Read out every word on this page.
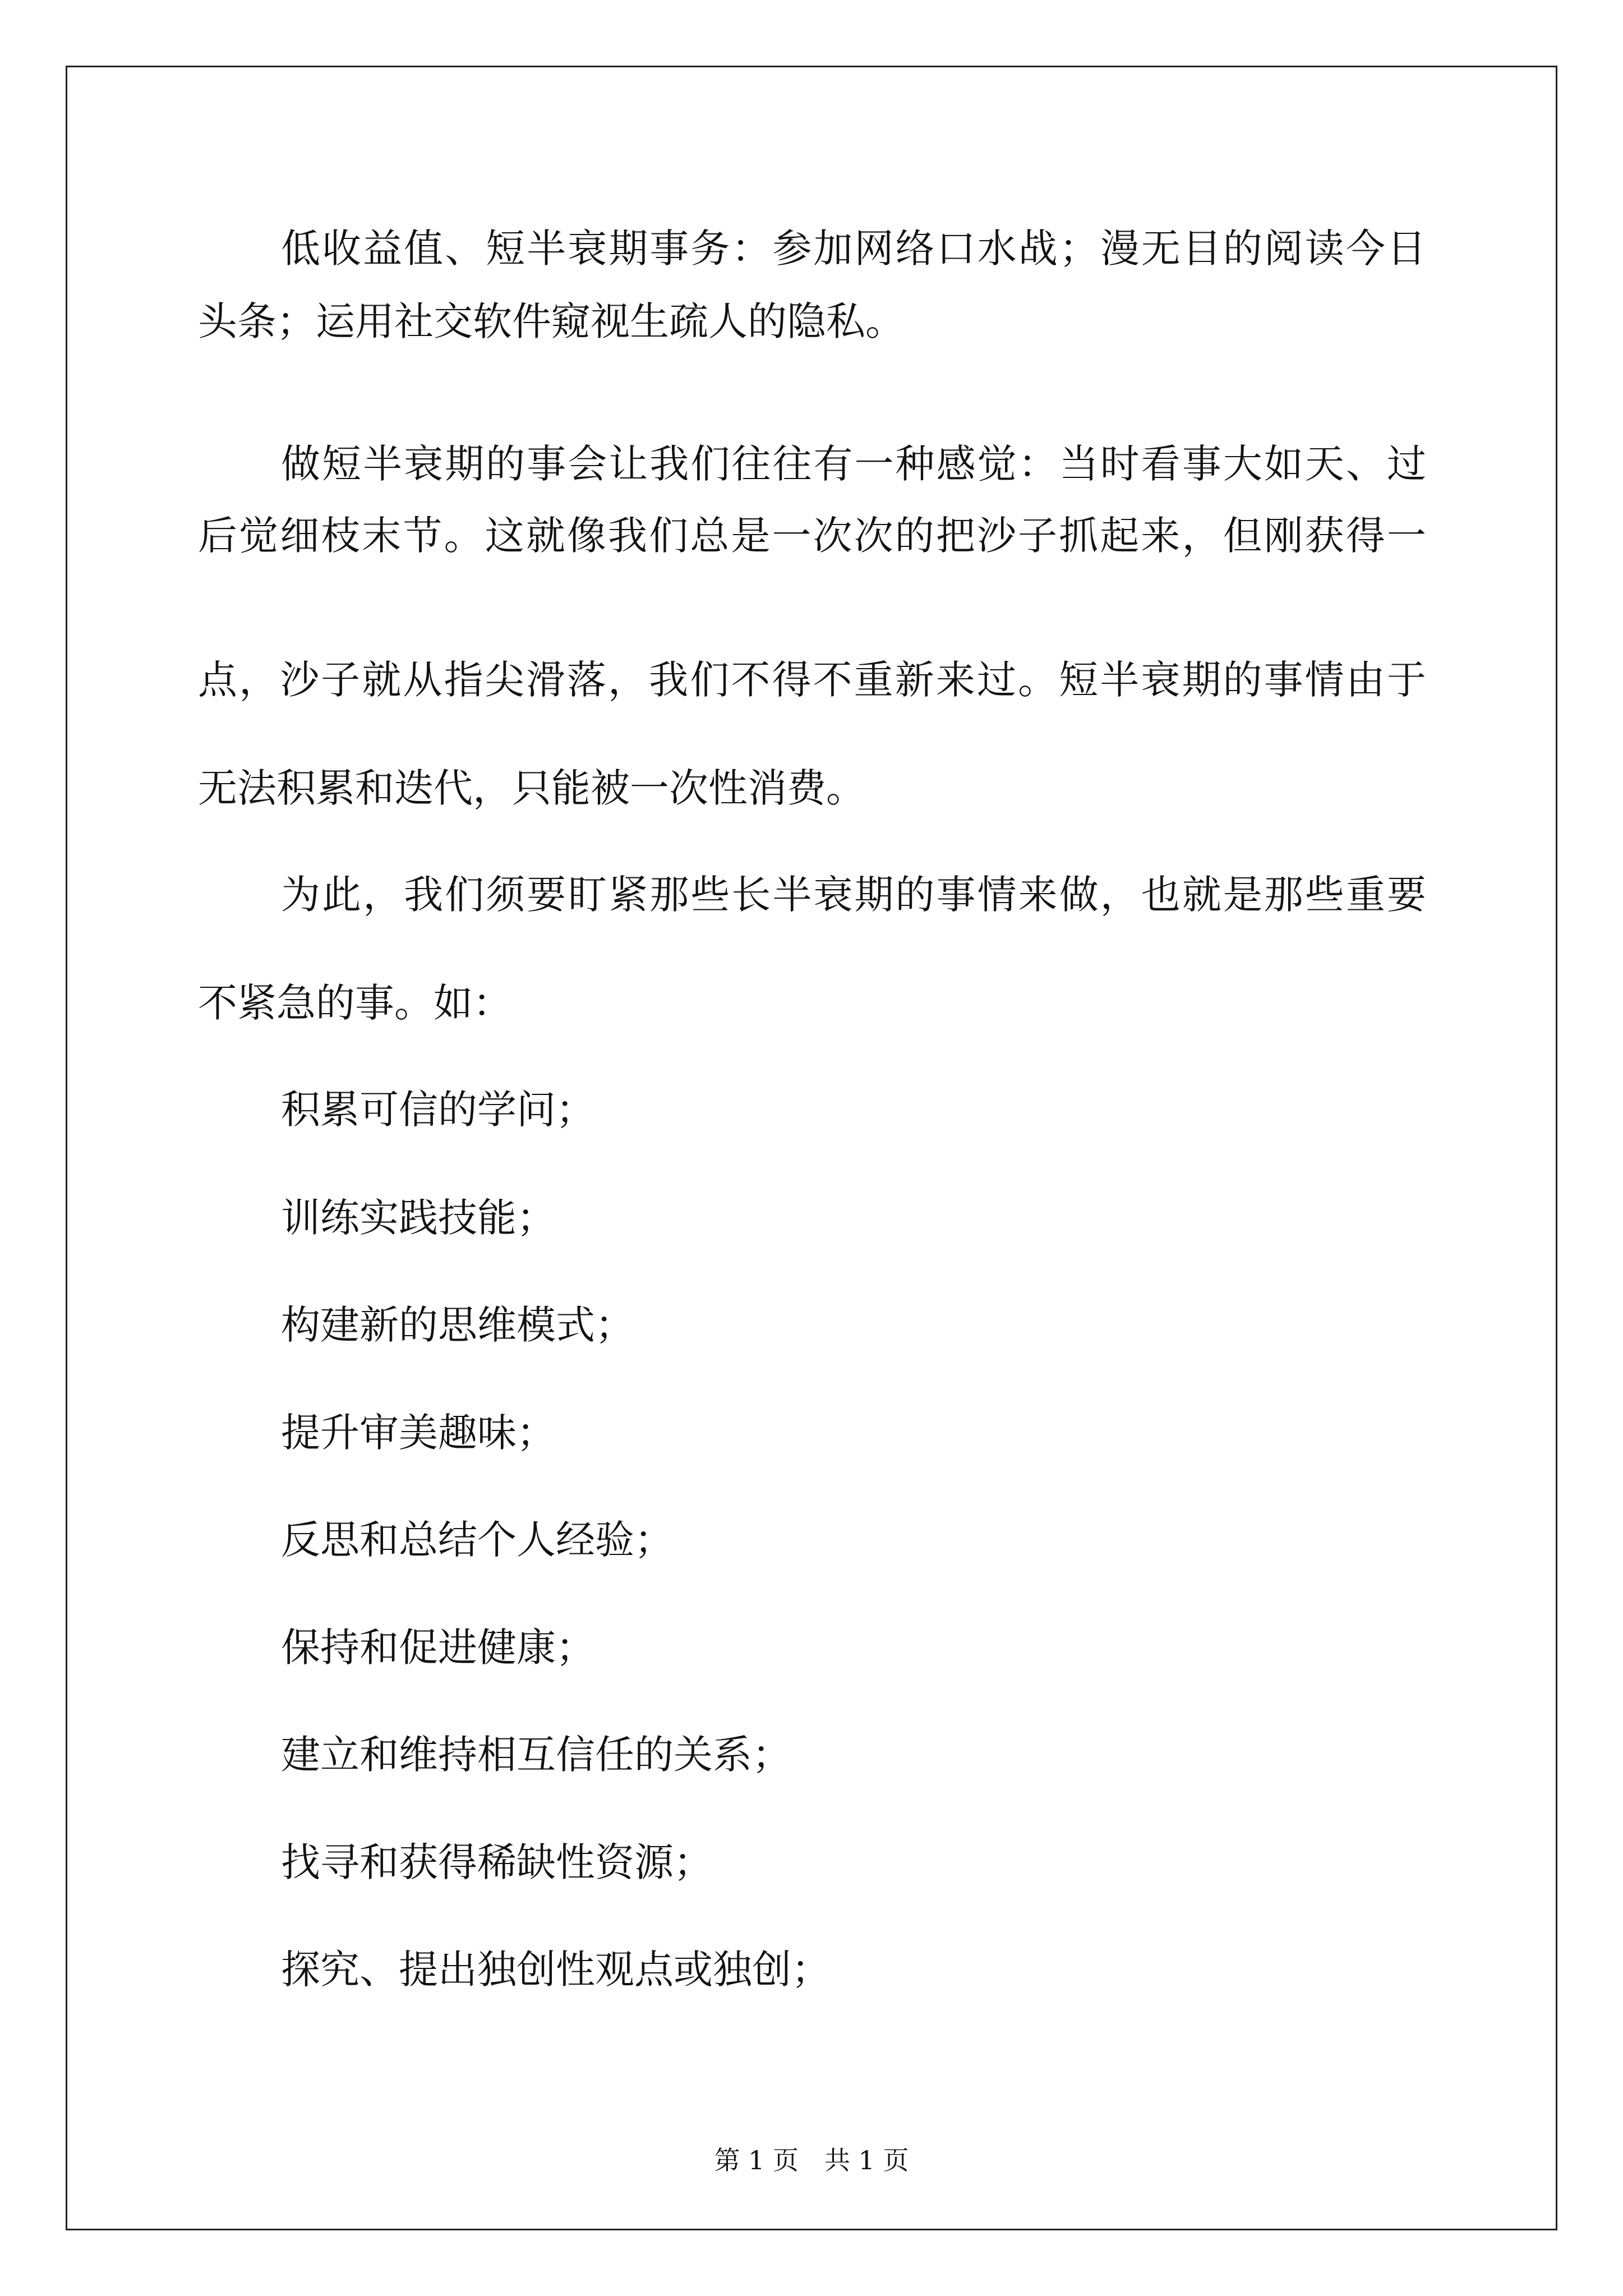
低收益值、短半衰期事务：参加网络口水战；漫无目的阅读今日
头条；运用社交软件窥视生疏人的隐私。
做短半衰期的事会让我们往往有一种感觉：当时看事大如天、过
后觉细枝末节。这就像我们总是一次次的把沙子抓起来，但刚获得一
点，沙子就从指尖滑落，我们不得不重新来过。短半衰期的事情由于
无法积累和迭代，只能被一次性消费。
为此，我们须要盯紧那些长半衰期的事情来做，也就是那些重要
不紧急的事。如：
积累可信的学问；
训练实践技能；
构建新的思维模式；
提升审美趣味；
反思和总结个人经验；
保持和促进健康；
建立和维持相互信任的关系；
找寻和获得稀缺性资源；
探究、提出独创性观点或独创；
第 1 页　共 1 页
